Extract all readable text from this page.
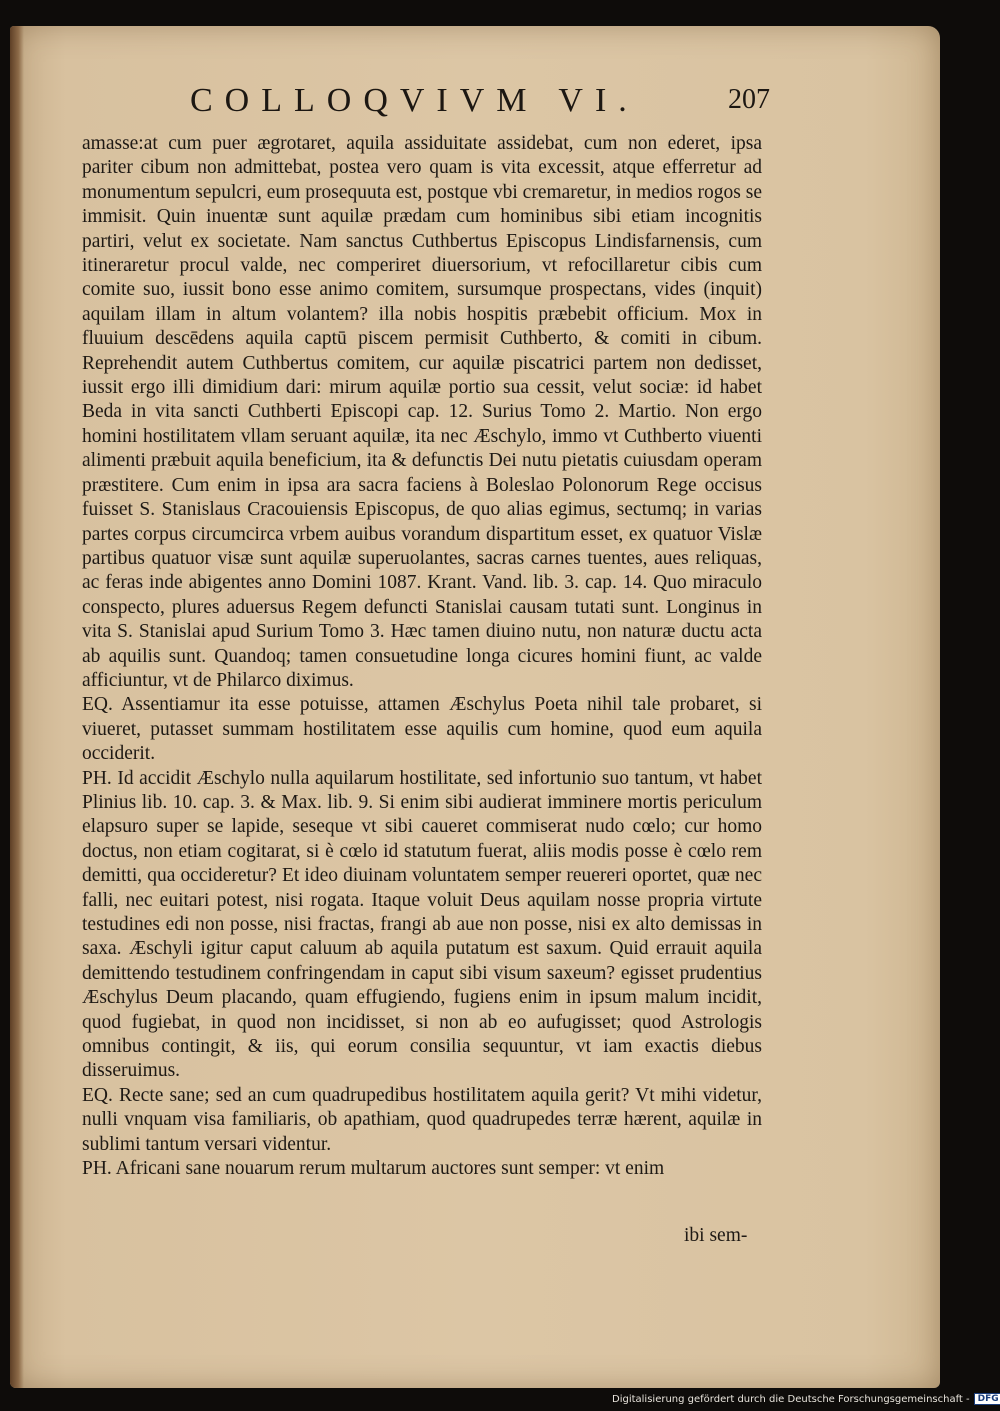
COLLOQVIVM VI.	207

amasse:at cum puer ægrotaret, aquila assiduitate assidebat, cum non ederet, ipsa pariter cibum non admittebat, postea vero quam is vita excessit, atque efferretur ad monumentum sepulcri, eum prosequuta est, postque vbi cremaretur, in medios rogos se immisit. Quin inuentæ sunt aquilæ prædam cum hominibus sibi etiam incognitis partiri, velut ex societate. Nam sanctus Cuthbertus Episcopus Lindisfarnensis, cum itineraretur procul valde, nec comperiret diuersorium, vt refocillaretur cibis cum comite suo, iussit bono esse animo comitem, sursumque prospectans, vides (inquit) aquilam illam in altum volantem? illa nobis hospitis præbebit officium. Mox in fluuium descēdens aquila captū piscem permisit Cuthberto, & comiti in cibum. Reprehendit autem Cuthbertus comitem, cur aquilæ piscatrici partem non dedisset, iussit ergo illi dimidium dari: mirum aquilæ portio sua cessit, velut sociæ: id habet Beda in vita sancti Cuthberti Episcopi cap. 12. Surius Tomo 2. Martio. Non ergo homini hostilitatem vllam seruant aquilæ, ita nec Æschylo, immo vt Cuthberto viuenti alimenti præbuit aquila beneficium, ita & defunctis Dei nutu pietatis cuiusdam operam præstitere. Cum enim in ipsa ara sacra faciens à Boleslao Polonorum Rege occisus fuisset S. Stanislaus Cracouiensis Episcopus, de quo alias egimus, sectumq; in varias partes corpus circumcirca vrbem auibus vorandum dispartitum esset, ex quatuor Vislæ partibus quatuor visæ sunt aquilæ superuolantes, sacras carnes tuentes, aues reliquas, ac feras inde abigentes anno Domini 1087. Krant. Vand. lib. 3. cap. 14. Quo miraculo conspecto, plures aduersus Regem defuncti Stanislai causam tutati sunt. Longinus in vita S. Stanislai apud Surium Tomo 3. Hæc tamen diuino nutu, non naturæ ductu acta ab aquilis sunt. Quandoq; tamen consuetudine longa cicures homini fiunt, ac valde afficiuntur, vt de Philarco diximus.

EQ. Assentiamur ita esse potuisse, attamen Æschylus Poeta nihil tale probaret, si viueret, putasset summam hostilitatem esse aquilis cum homine, quod eum aquila occiderit.

PH. Id accidit Æschylo nulla aquilarum hostilitate, sed infortunio suo tantum, vt habet Plinius lib. 10. cap. 3. & Max. lib. 9. Si enim sibi audierat imminere mortis periculum elapsuro super se lapide, seseque vt sibi caueret commiserat nudo cœlo; cur homo doctus, non etiam cogitarat, si è cœlo id statutum fuerat, aliis modis posse è cœlo rem demitti, qua occideretur? Et ideo diuinam voluntatem semper reuereri oportet, quæ nec falli, nec euitari potest, nisi rogata. Itaque voluit Deus aquilam nosse propria virtute testudines edi non posse, nisi fractas, frangi ab aue non posse, nisi ex alto demissas in saxa. Æschyli igitur caput caluum ab aquila putatum est saxum. Quid errauit aquila demittendo testudinem confringendam in caput sibi visum saxeum? egisset prudentius Æschylus Deum placando, quam effugiendo, fugiens enim in ipsum malum incidit, quod fugiebat, in quod non incidisset, si non ab eo aufugisset; quod Astrologis omnibus contingit, & iis, qui eorum consilia sequuntur, vt iam exactis diebus disseruimus.

EQ. Recte sane; sed an cum quadrupedibus hostilitatem aquila gerit? Vt mihi videtur, nulli vnquam visa familiaris, ob apathiam, quod quadrupedes terræ hærent, aquilæ in sublimi tantum versari videntur.

PH. Africani sane nouarum rerum multarum auctores sunt semper: vt enim

ibi sem-
Digitalisierung gefördert durch die Deutsche Forschungsgemeinschaft - DFG
